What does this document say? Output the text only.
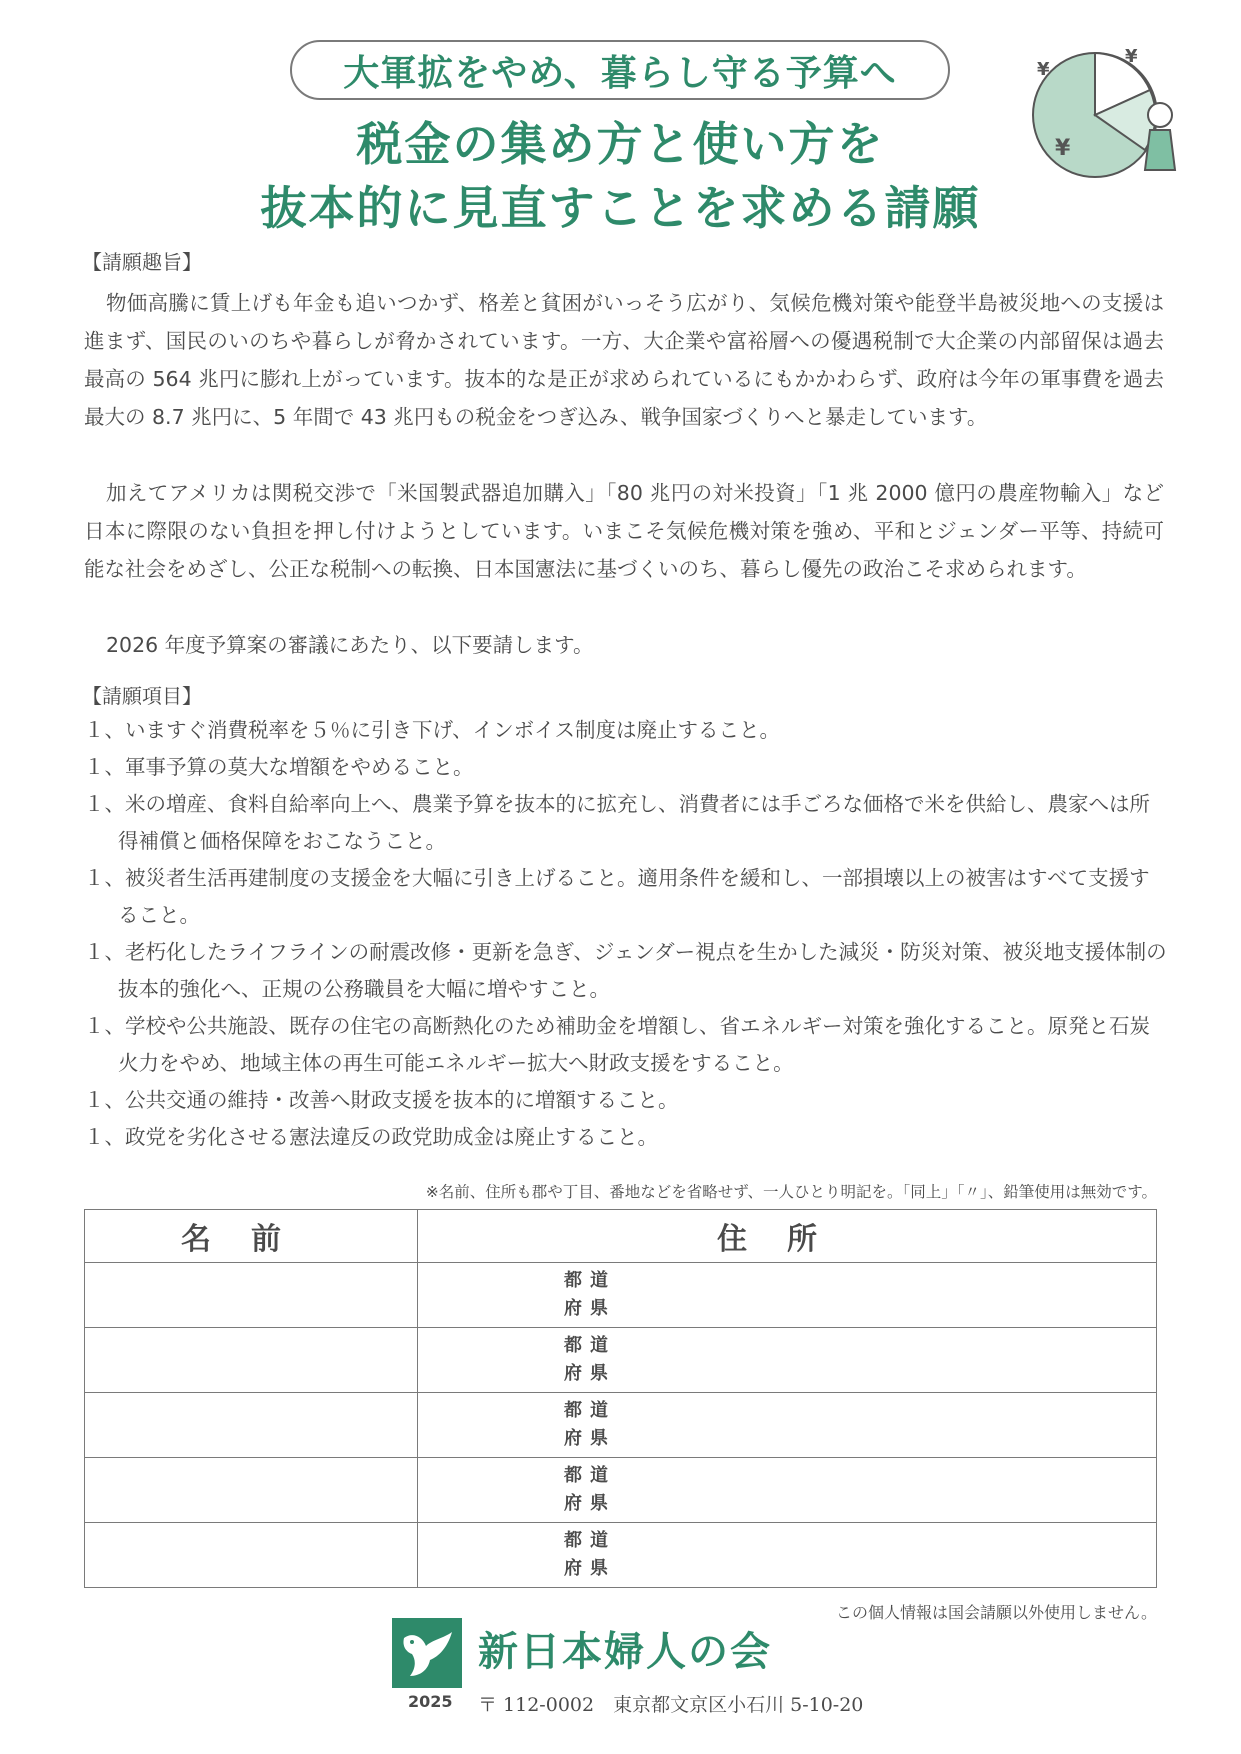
大軍拡をやめ、暮らし守る予算へ
税金の集め方と使い方を
抜本的に見直すことを求める請願
¥
¥
¥
【請願趣旨】
物価高騰に賃上げも年金も追いつかず、格差と貧困がいっそう広がり、気候危機対策や能登半島被災地への支援は進まず、国民のいのちや暮らしが脅かされています。一方、大企業や富裕層への優遇税制で大企業の内部留保は過去最高の 564 兆円に膨れ上がっています。抜本的な是正が求められているにもかかわらず、政府は今年の軍事費を過去最大の 8.7 兆円に、5 年間で 43 兆円もの税金をつぎ込み、戦争国家づくりへと暴走しています。
加えてアメリカは関税交渉で「米国製武器追加購入」「80 兆円の対米投資」「1 兆 2000 億円の農産物輸入」など日本に際限のない負担を押し付けようとしています。いまこそ気候危機対策を強め、平和とジェンダー平等、持続可能な社会をめざし、公正な税制への転換、日本国憲法に基づくいのち、暮らし優先の政治こそ求められます。
2026 年度予算案の審議にあたり、以下要請します。
【請願項目】
１、いますぐ消費税率を５％に引き下げ、インボイス制度は廃止すること。
１、軍事予算の莫大な増額をやめること。
１、米の増産、食料自給率向上へ、農業予算を抜本的に拡充し、消費者には手ごろな価格で米を供給し、農家へは所得補償と価格保障をおこなうこと。
１、被災者生活再建制度の支援金を大幅に引き上げること。適用条件を緩和し、一部損壊以上の被害はすべて支援すること。
１、老朽化したライフラインの耐震改修・更新を急ぎ、ジェンダー視点を生かした減災・防災対策、被災地支援体制の抜本的強化へ、正規の公務職員を大幅に増やすこと。
１、学校や公共施設、既存の住宅の高断熱化のため補助金を増額し、省エネルギー対策を強化すること。原発と石炭火力をやめ、地域主体の再生可能エネルギー拡大へ財政支援をすること。
１、公共交通の維持・改善へ財政支援を抜本的に増額すること。
１、政党を劣化させる憲法違反の政党助成金は廃止すること。
※名前、住所も郡や丁目、番地などを省略せず、一人ひとり明記を。「同上」「〃」、鉛筆使用は無効です。
名前	住所

	都道
府県

	都道
府県

	都道
府県

	都道
府県

	都道
府県
この個人情報は国会請願以外使用しません。
新日本婦人の会
2025 〒 112-0002　東京都文京区小石川 5-10-20
